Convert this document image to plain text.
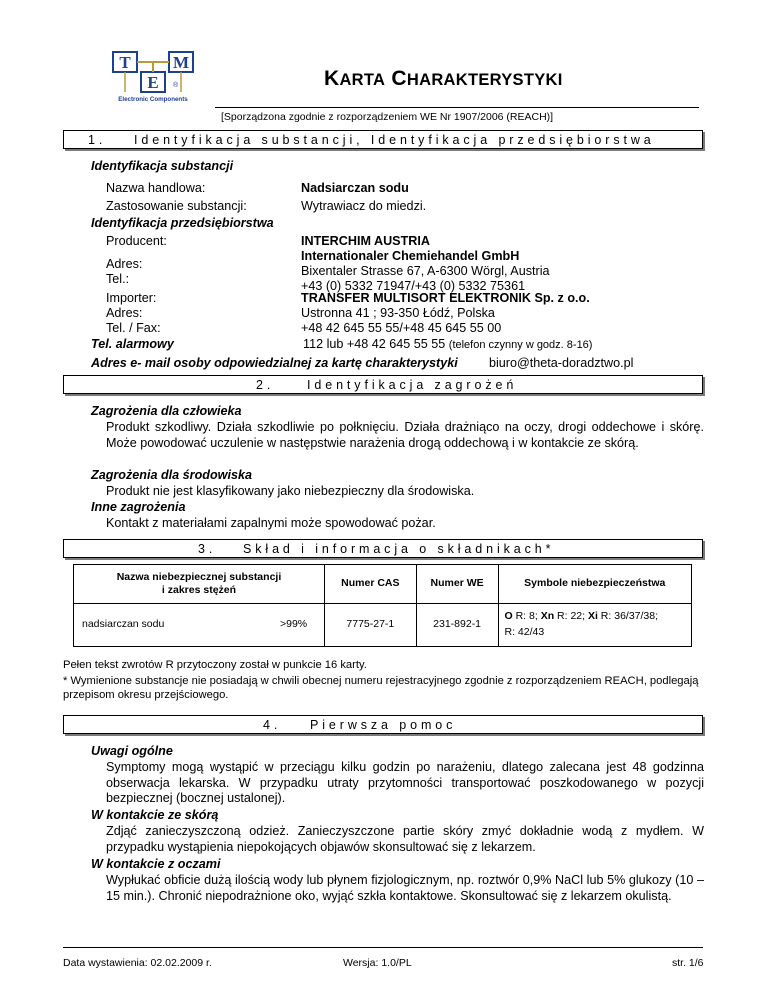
T M
E ®
Electronic Components
KARTA CHARAKTERYSTYKI
[Sporządzona zgodnie z rozporządzeniem WE Nr 1907/2006 (REACH)]
1. Identyfikacja substancji, Identyfikacja przedsiębiorstwa
Identyfikacja substancji
Nazwa handlowa:	Nadsiarczan sodu
Zastosowanie substancji:	Wytrawiacz do miedzi.
Identyfikacja przedsiębiorstwa
Producent:	INTERCHIM AUSTRIA
Internationaler Chemiehandel GmbH
Adres:	Bixentaler Strasse 67, A-6300 Wörgl, Austria
Tel.:	+43 (0) 5332 71947/+43 (0) 5332 75361
Importer:	TRANSFER MULTISORT ELEKTRONIK Sp. z o.o.
Adres:	Ustronna 41 ; 93-350 Łódź, Polska
Tel. / Fax:	+48 42 645 55 55/+48 45 645 55 00
Tel. alarmowy	112 lub +48 42 645 55 55 (telefon czynny w godz. 8-16)
Adres e- mail osoby odpowiedzialnej za kartę charakterystyki biuro@theta-doradztwo.pl
2.	Identyfikacja zagrożeń
Zagrożenia dla człowieka
Produkt szkodliwy. Działa szkodliwie po połknięciu. Działa drażniąco na oczy, drogi oddechowe i skórę. Może powodować uczulenie w następstwie narażenia drogą oddechową i w kontakcie ze skórą.
Zagrożenia dla środowiska
Produkt nie jest klasyfikowany jako niebezpieczny dla środowiska.
Inne zagrożenia
Kontakt z materiałami zapalnymi może spowodować pożar.
3. Skład i informacja o składnikach*
Nazwa niebezpiecznej substancji i zakres stężeń	Numer CAS	Numer WE	Symbole niebezpieczeństwa
nadsiarczan sodu >99%	7775-27-1	231-892-1	O R: 8; Xn R: 22; Xi R: 36/37/38;
R: 42/43
Pełen tekst zwrotów R przytoczony został w punkcie 16 karty.
* Wymienione substancje nie posiadają w chwili obecnej numeru rejestracyjnego zgodnie z rozporządzeniem REACH, podlegają przepisom okresu przejściowego.
4. Pierwsza pomoc
Uwagi ogólne
Symptomy mogą wystąpić w przeciągu kilku godzin po narażeniu, dlatego zalecana jest 48 godzinna obserwacja lekarska. W przypadku utraty przytomności transportować poszkodowanego w pozycji bezpiecznej (bocznej ustalonej).
W kontakcie ze skórą
Zdjąć zanieczyszczoną odzież. Zanieczyszczone partie skóry zmyć dokładnie wodą z mydłem. W przypadku wystąpienia niepokojących objawów skonsultować się z lekarzem.
W kontakcie z oczami
Wypłukać obficie dużą ilością wody lub płynem fizjologicznym, np. roztwór 0,9% NaCl lub 5% glukozy (10 – 15 min.). Chronić niepodrażnione oko, wyjąć szkła kontaktowe. Skonsultować się z lekarzem okulistą.
Data wystawienia: 02.02.2009 r.	Wersja: 1.0/PL	str. 1/6
